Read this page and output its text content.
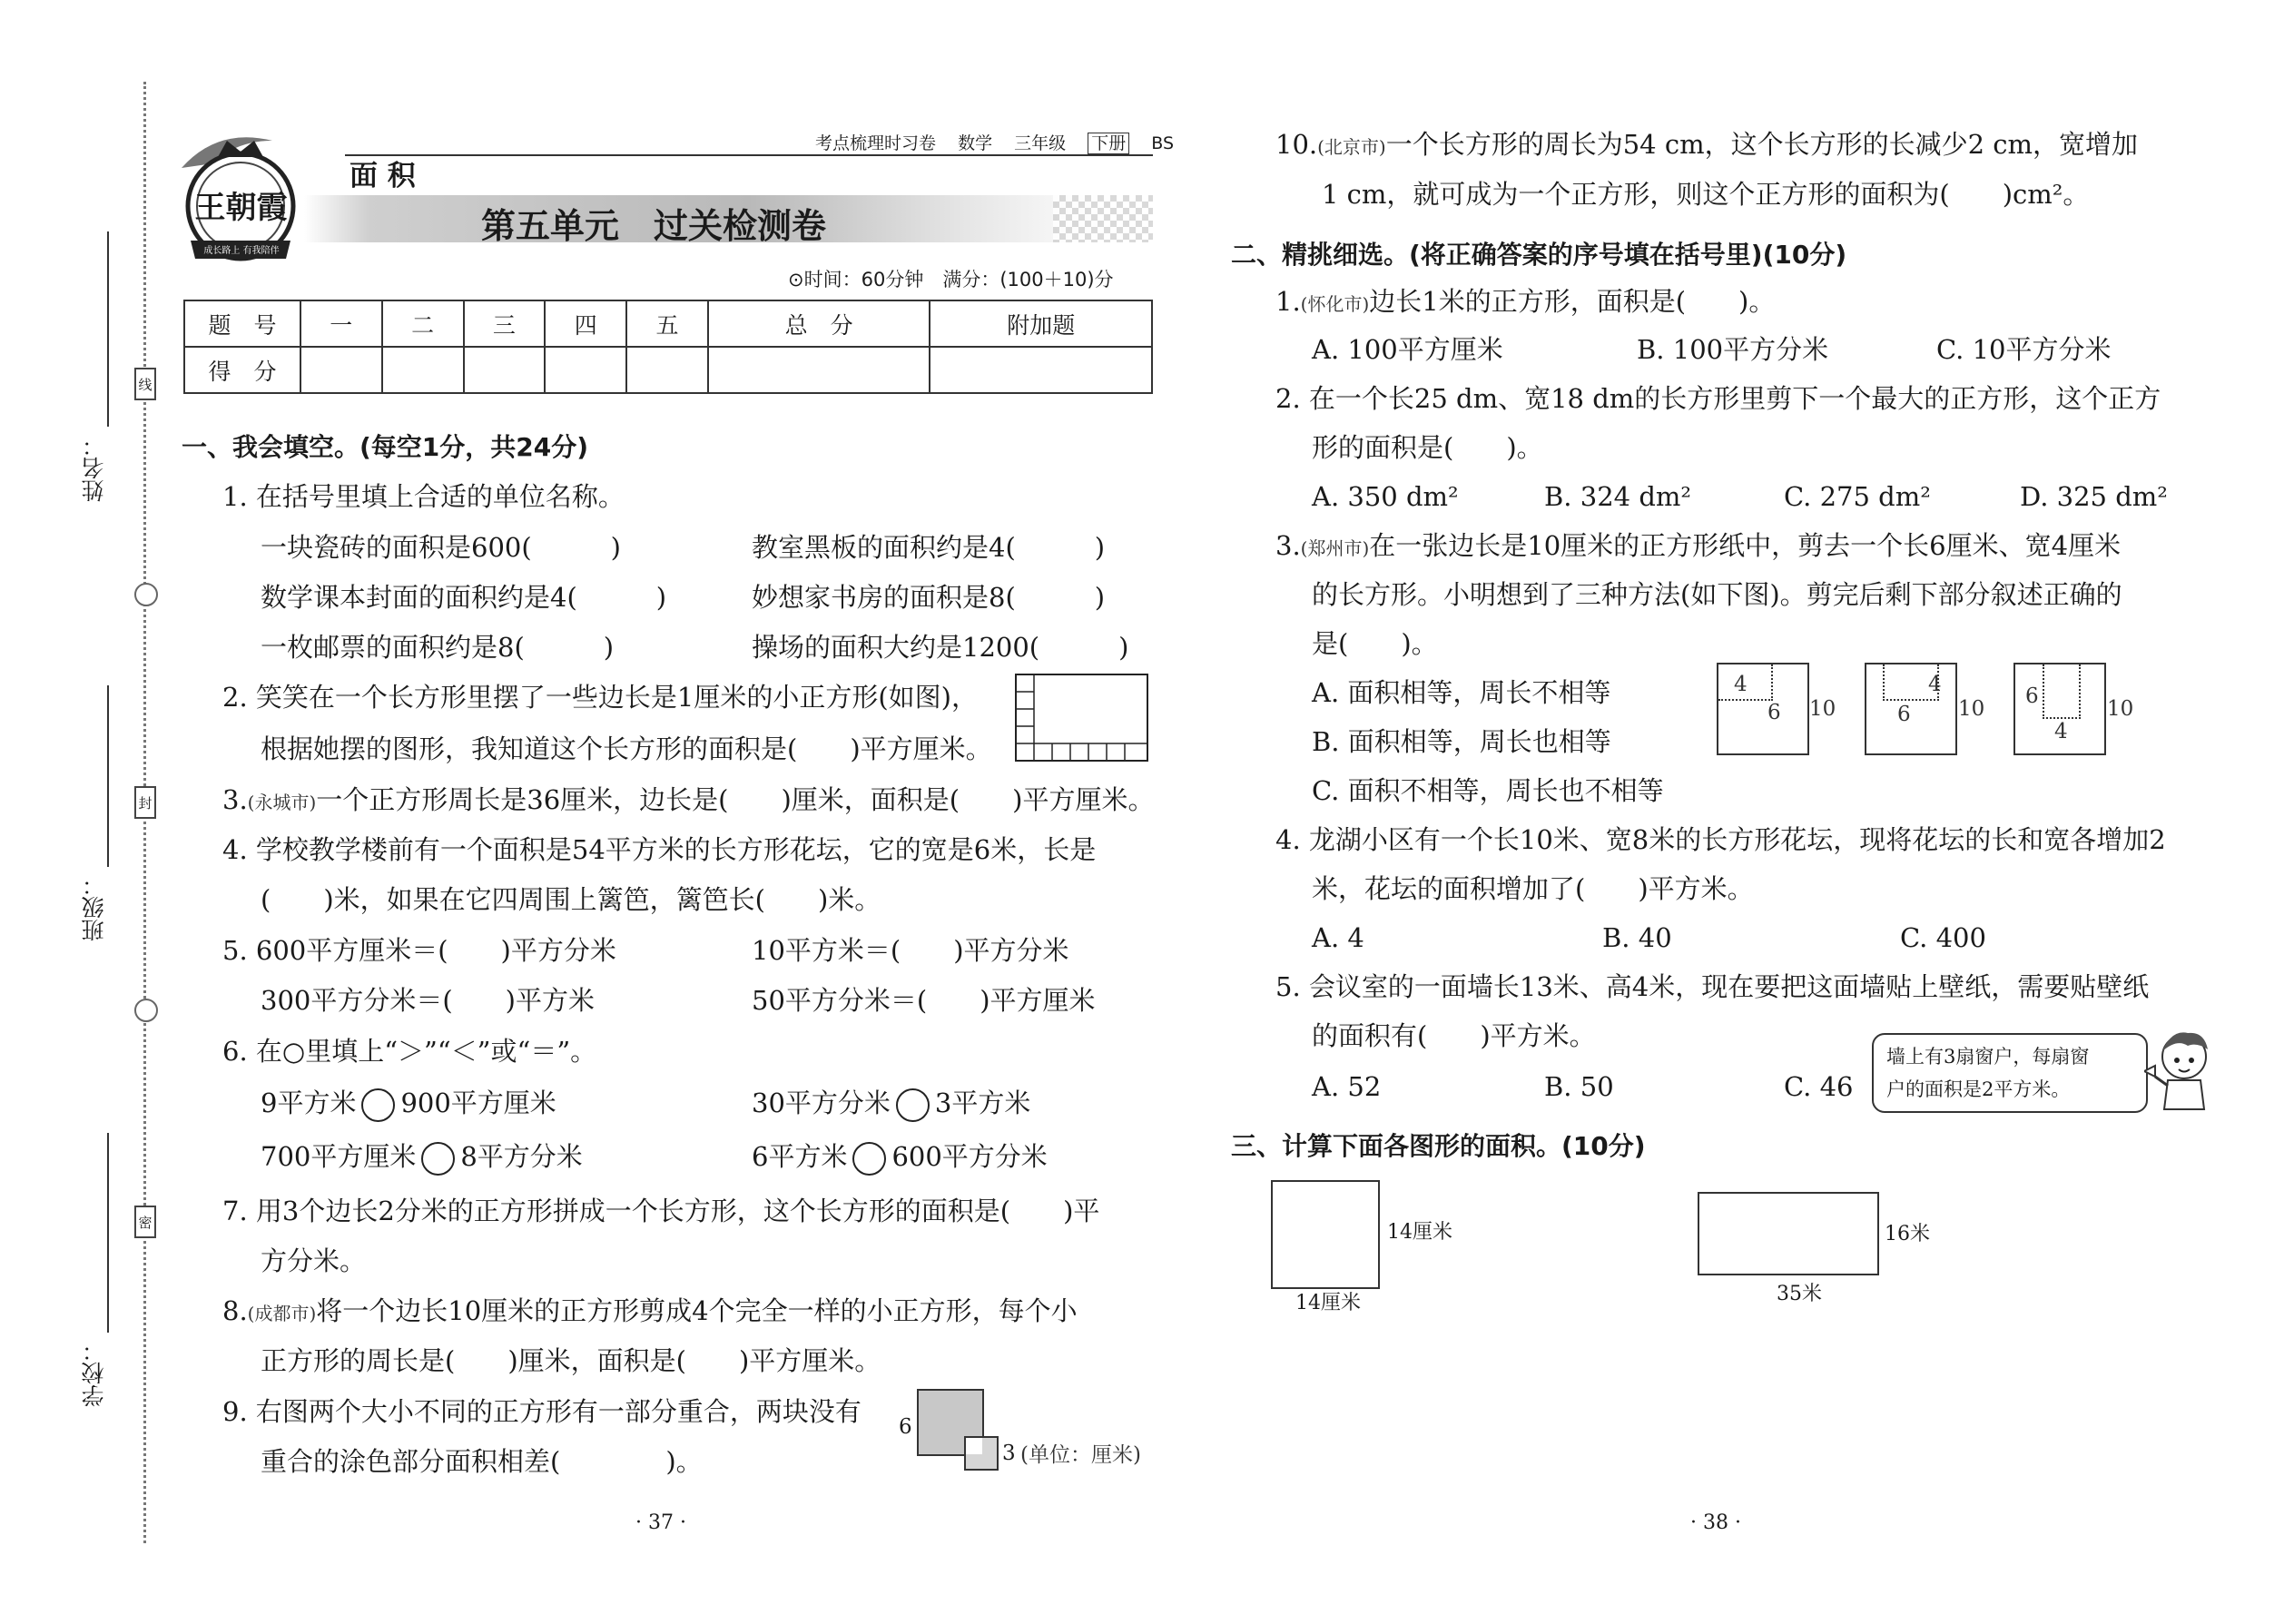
线
封
密
姓名：
班级：
学校：
王朝霞
成长路上 有我陪伴
考点梳理时习卷 数学 三年级 下册 BS
面 积
第五单元　过关检测卷
⊙时间：60分钟　满分：(100＋10)分
题　号	一	二	三	四	五	总　分	附加题
得　分							
一、我会填空。(每空1分，共24分)
1. 在括号里填上合适的单位名称。
一块瓷砖的面积是600(　　　)	教室黑板的面积约是4(　　　)
数学课本封面的面积约是4(　　　)	妙想家书房的面积是8(　　　)
一枚邮票的面积约是8(　　　)	操场的面积大约是1200(　　　)
2. 笑笑在一个长方形里摆了一些边长是1厘米的小正方形(如图)，
根据她摆的图形，我知道这个长方形的面积是(　　)平方厘米。
3.(永城市)一个正方形周长是36厘米，边长是(　　)厘米，面积是(　　)平方厘米。
4. 学校教学楼前有一个面积是54平方米的长方形花坛，它的宽是6米，长是
(　　)米，如果在它四周围上篱笆，篱笆长(　　)米。
5. 600平方厘米＝(　　)平方分米	10平方米＝(　　)平方分米
300平方分米＝(　　)平方米	50平方分米＝(　　)平方厘米
6. 在○里填上“＞”“＜”或“＝”。
9平方米 900平方厘米	30平方分米 3平方米
700平方厘米 8平方分米	6平方米 600平方分米
7. 用3个边长2分米的正方形拼成一个长方形，这个长方形的面积是(　　)平
方分米。
8.(成都市)将一个边长10厘米的正方形剪成4个完全一样的小正方形，每个小
正方形的周长是(　　)厘米，面积是(　　)平方厘米。
9. 右图两个大小不同的正方形有一部分重合，两块没有
重合的涂色部分面积相差(　　　　)。
6
3 (单位：厘米)
· 37 ·
10.(北京市)一个长方形的周长为54 cm，这个长方形的长减少2 cm，宽增加
1 cm，就可成为一个正方形，则这个正方形的面积为(　　)cm²。
二、精挑细选。(将正确答案的序号填在括号里)(10分)
1.(怀化市)边长1米的正方形，面积是(　　)。
A. 100平方厘米	B. 100平方分米	C. 10平方分米
2. 在一个长25 dm、宽18 dm的长方形里剪下一个最大的正方形，这个正方
形的面积是(　　)。
A. 350 dm²	B. 324 dm²	C. 275 dm²	D. 325 dm²
3.(郑州市)在一张边长是10厘米的正方形纸中，剪去一个长6厘米、宽4厘米
的长方形。小明想到了三种方法(如下图)。剪完后剩下部分叙述正确的
是(　　)。
A. 面积相等，周长不相等
B. 面积相等，周长也相等
C. 面积不相等，周长也不相等
4
6 10
4
6 10
6
4
10
4. 龙湖小区有一个长10米、宽8米的长方形花坛，现将花坛的长和宽各增加2
米，花坛的面积增加了(　　)平方米。
A. 4	B. 40	C. 400
5. 会议室的一面墙长13米、高4米，现在要把这面墙贴上壁纸，需要贴壁纸
的面积有(　　)平方米。
A. 52	B. 50	C. 46
墙上有3扇窗户，每扇窗
户的面积是2平方米。
三、计算下面各图形的面积。(10分)
14厘米
14厘米
16米
35米
· 38 ·
